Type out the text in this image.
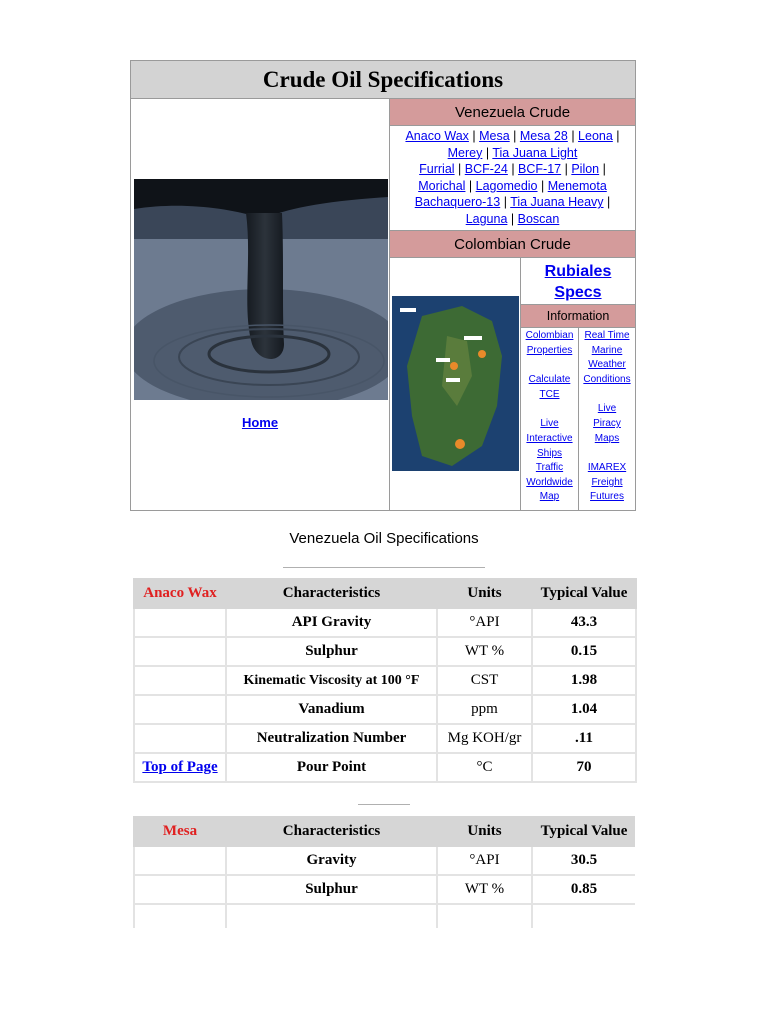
Crude Oil Specifications
Home
Venezuela Crude
Anaco Wax | Mesa | Mesa 28 | Leona |
Merey | Tia Juana Light
Furrial | BCF-24 | BCF-17 | Pilon |
Morichal | Lagomedio | Menemota
Bachaquero-13 | Tia Juana Heavy |
Laguna | Boscan
Colombian Crude
Rubiales
Specs
Information
Colombian
Properties
Calculate
TCE
Live
Interactive
Ships
Traffic
Worldwide
Map
Real Time
Marine
Weather
Conditions
Live
Piracy
Maps
IMAREX
Freight
Futures
Venezuela Oil Specifications
Anaco Wax	Characteristics	Units	Typical Value
	API Gravity	°API	43.3
	Sulphur	WT %	0.15
	Kinematic Viscosity at 100 °F	CST	1.98
	Vanadium	ppm	1.04
	Neutralization Number	Mg KOH/gr	.11
Top of Page	Pour Point	°C	70
Mesa	Characteristics	Units	Typical Value
	Gravity	°API	30.5
	Sulphur	WT %	0.85
